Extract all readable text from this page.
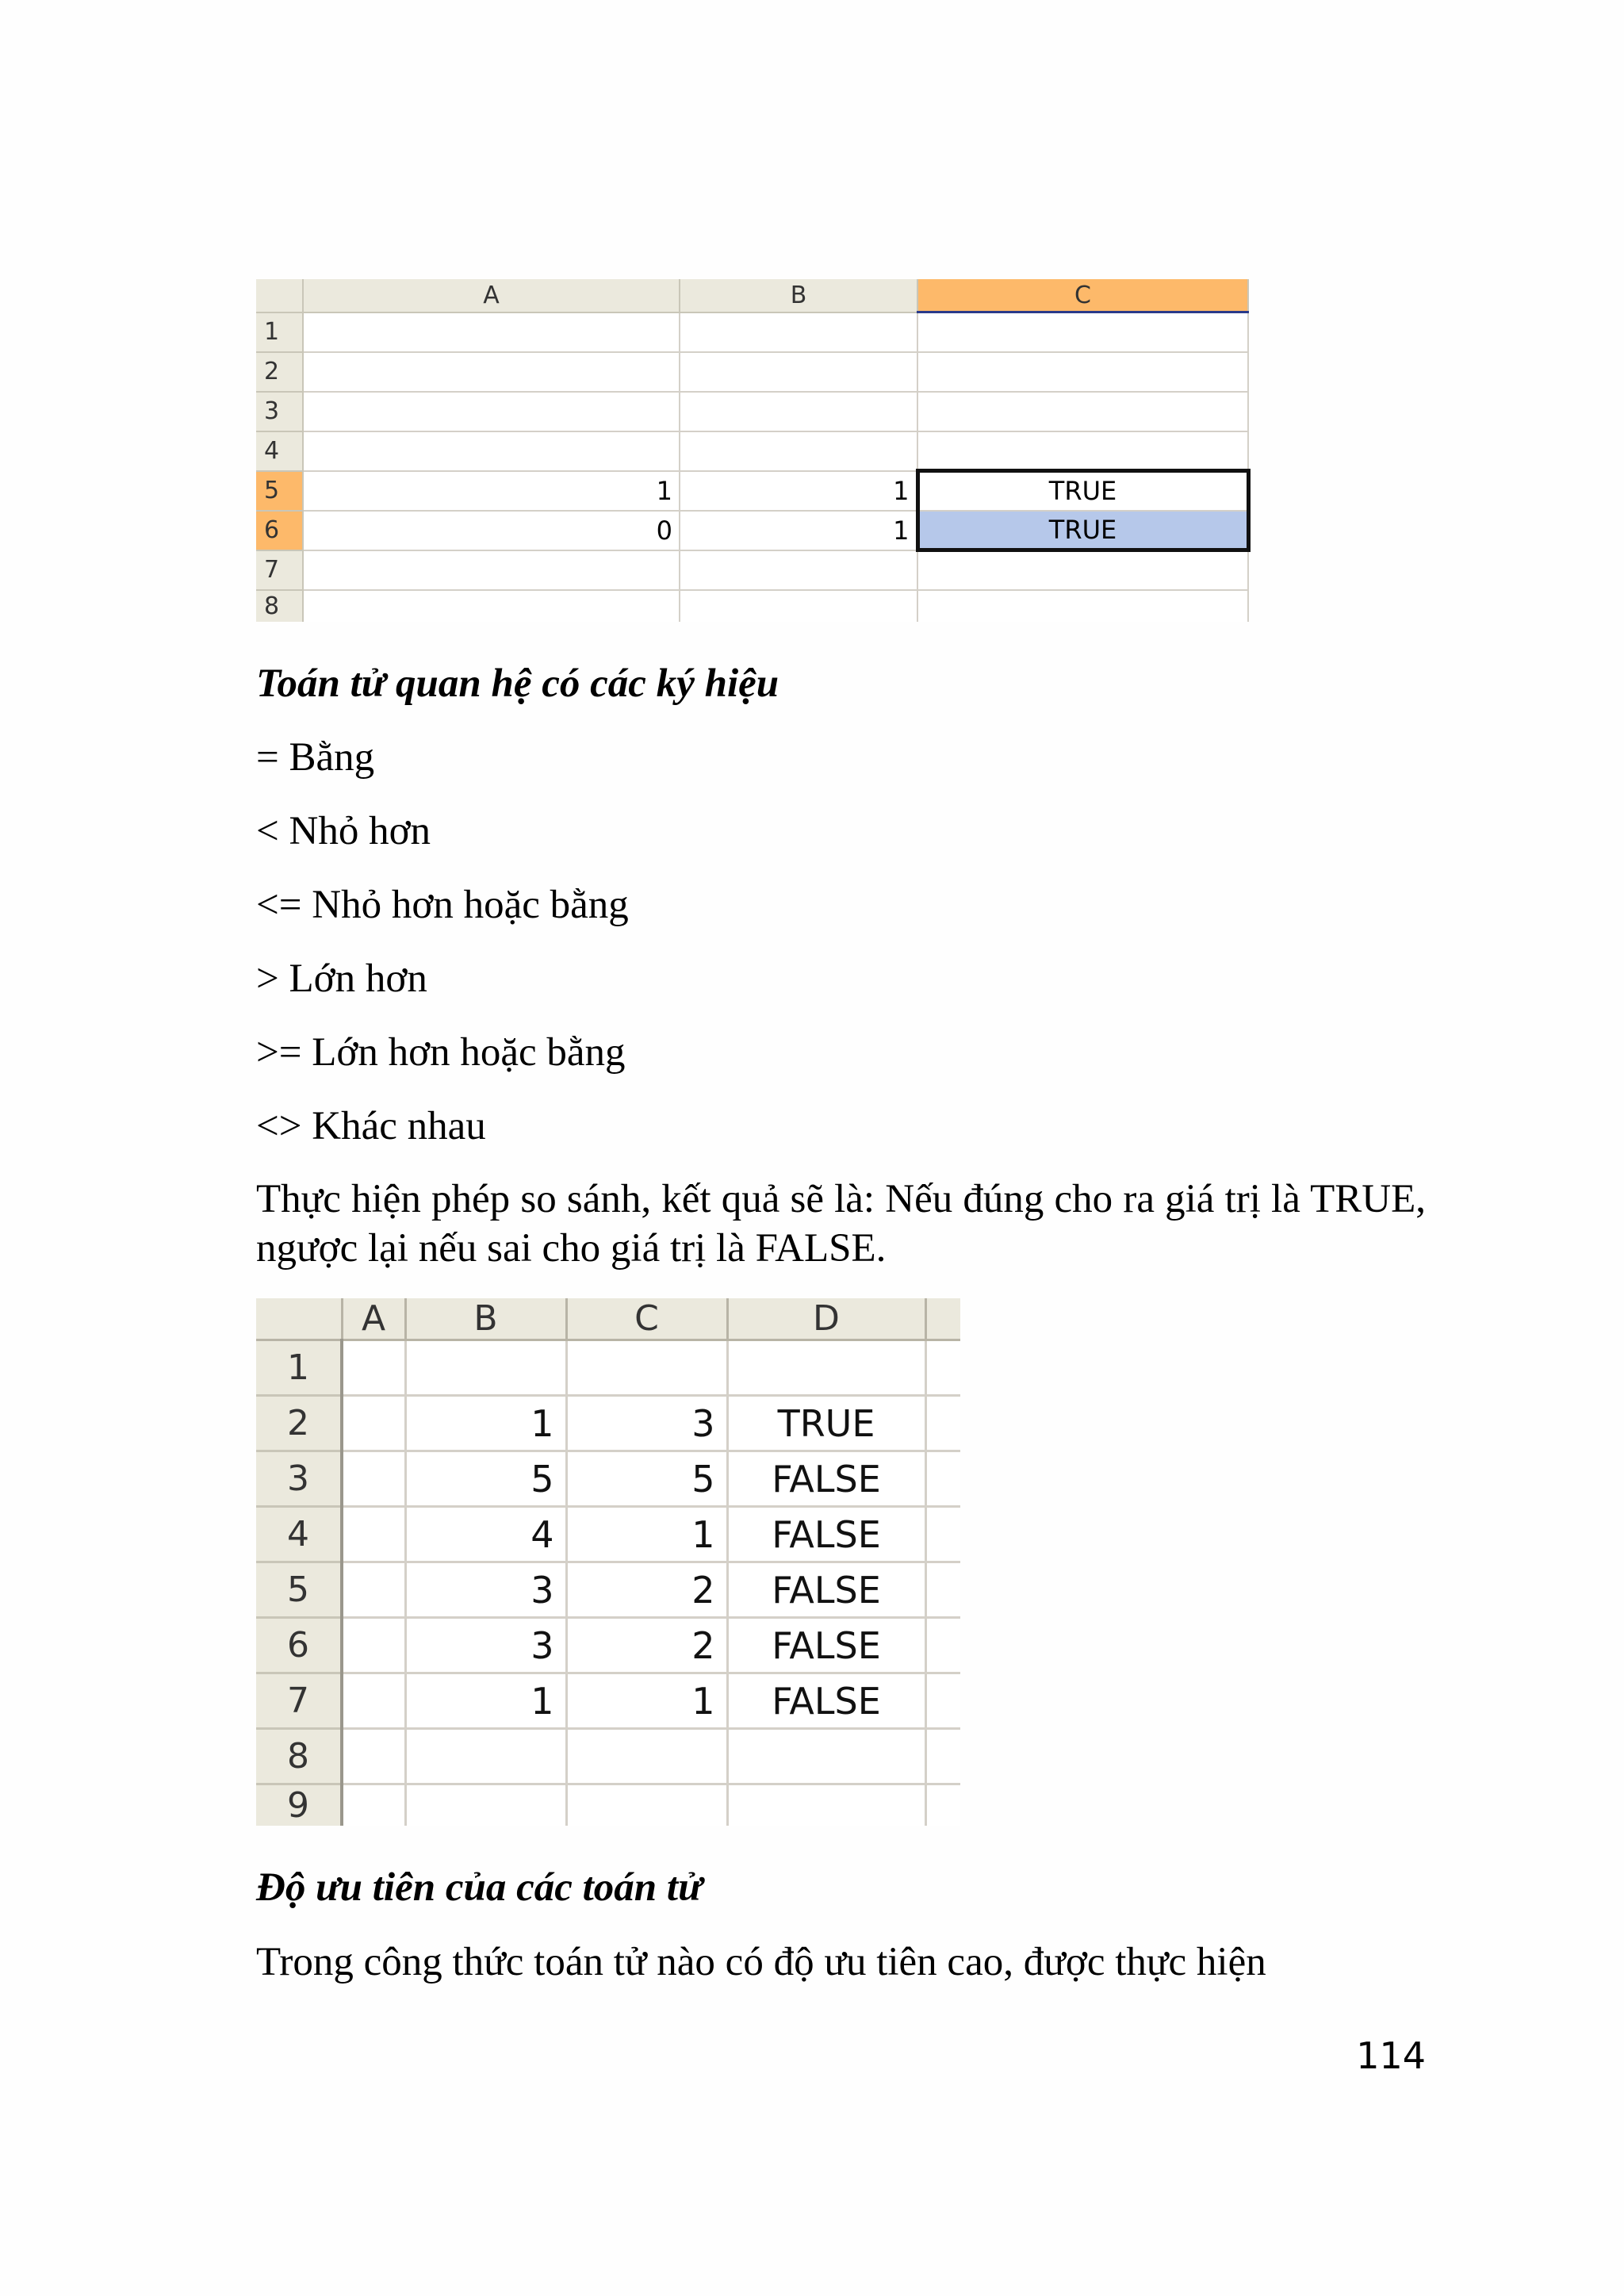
	A	B	C
1			
2			
3			
4			
5	1	1	TRUE
6	0	1	TRUE
7			
8			
Toán tử quan hệ có các ký hiệu
= Bằng
< Nhỏ hơn
<= Nhỏ hơn hoặc bằng
> Lớn hơn
>= Lớn hơn hoặc bằng
<> Khác nhau
Thực hiện phép so sánh, kết quả sẽ là: Nếu đúng cho ra giá trị là TRUE, ngược lại nếu sai cho giá trị là FALSE.
	A	B	C	D	
1					
2		1	3	TRUE	
3		5	5	FALSE	
4		4	1	FALSE	
5		3	2	FALSE	
6		3	2	FALSE	
7		1	1	FALSE	
8					
9					
Độ ưu tiên của các toán tử
Trong công thức toán tử nào có độ ưu tiên cao, được thực hiện
114
